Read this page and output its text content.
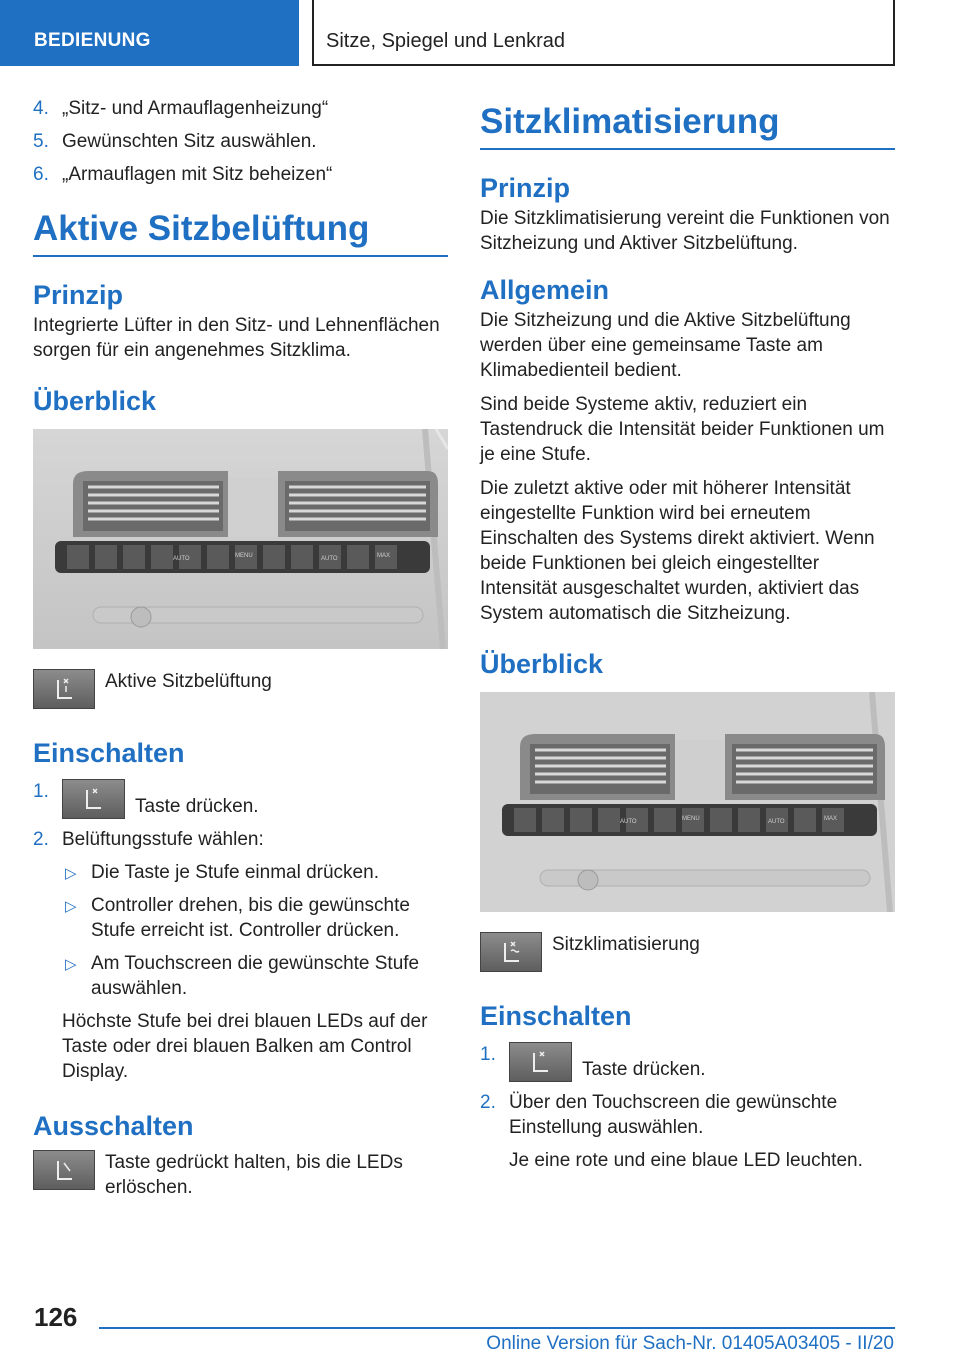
BEDIENUNG	Sitze, Spiegel und Lenkrad
4. „Sitz- und Armauflagenheizung“
5. Gewünschten Sitz auswählen.
6. „Armauflagen mit Sitz beheizen“
Aktive Sitzbelüftung
Prinzip
Integrierte Lüfter in den Sitz- und Lehnenflächen sorgen für ein angenehmes Sitzklima.
Überblick
AUTO	MENU	AUTO	MAX
Aktive Sitzbelüftung
Einschalten
1.
Taste drücken.
2. Belüftungsstufe wählen:
▷ Die Taste je Stufe einmal drücken.
▷ Controller drehen, bis die gewünschte Stufe erreicht ist. Controller drücken.
▷ Am Touchscreen die gewünschte Stufe auswählen.
Höchste Stufe bei drei blauen LEDs auf der Taste oder drei blauen Balken am Control Display.
Ausschalten
Taste gedrückt halten, bis die LEDs erlöschen.
Sitzklimatisierung
Prinzip
Die Sitzklimatisierung vereint die Funktionen von Sitzheizung und Aktiver Sitzbelüftung.
Allgemein
Die Sitzheizung und die Aktive Sitzbelüftung werden über eine gemeinsame Taste am Klimabedienteil bedient.
Sind beide Systeme aktiv, reduziert ein Tastendruck die Intensität beider Funktionen um je eine Stufe.
Die zuletzt aktive oder mit höherer Intensität eingestellte Funktion wird bei erneutem Einschalten des Systems direkt aktiviert. Wenn beide Funktionen bei gleich eingestellter Intensität ausgeschaltet wurden, aktiviert das System automatisch die Sitzheizung.
Überblick
AUTO	MENU	AUTO	MAX
Sitzklimatisierung
Einschalten
1.
Taste drücken.
2. Über den Touchscreen die gewünschte Einstellung auswählen.
Je eine rote und eine blaue LED leuchten.
126
Online Version für Sach-Nr. 01405A03405 - II/20
